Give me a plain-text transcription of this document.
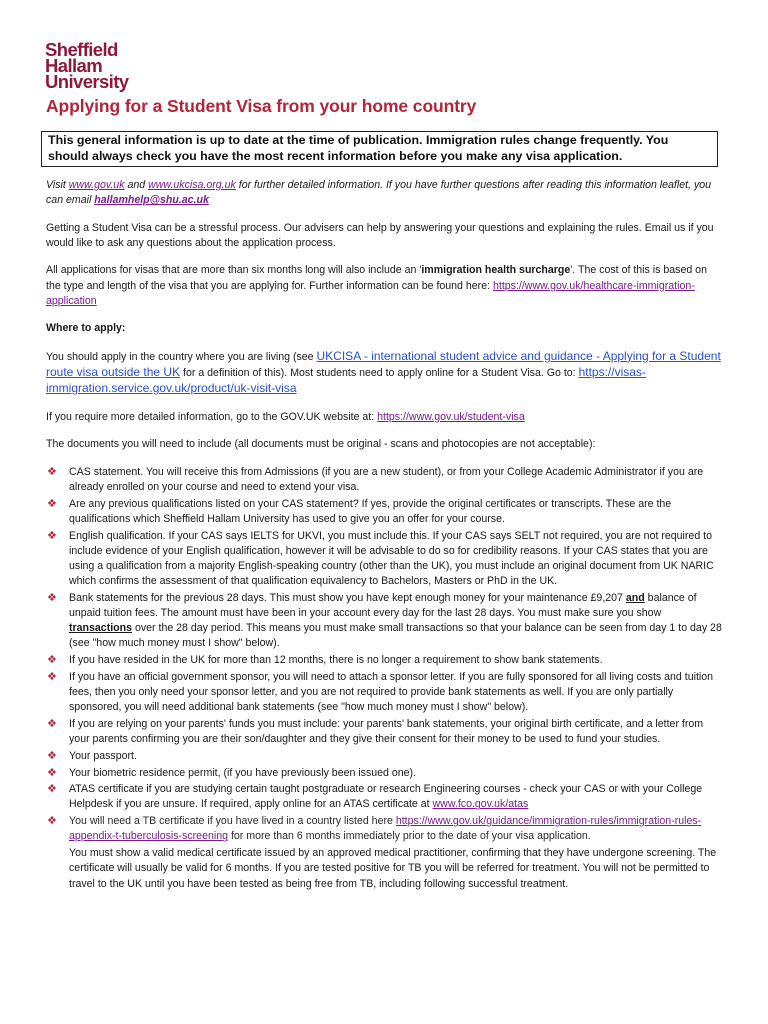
Sheffield
Hallam
University
Applying for a Student Visa from your home country
This general information is up to date at the time of publication. Immigration rules change frequently. You should always check you have the most recent information before you make any visa application.

Visit www.gov.uk and www.ukcisa.org.uk for further detailed information. If you have further questions after reading this information leaflet, you can email hallamhelp@shu.ac.uk

Getting a Student Visa can be a stressful process. Our advisers can help by answering your questions and explaining the rules. Email us if you would like to ask any questions about the application process.

All applications for visas that are more than six months long will also include an 'immigration health surcharge'. The cost of this is based on the type and length of the visa that you are applying for. Further information can be found here: https://www.gov.uk/healthcare-immigration-application

Where to apply:

You should apply in the country where you are living (see UKCISA - international student advice and guidance - Applying for a Student route visa outside the UK for a definition of this). Most students need to apply online for a Student Visa. Go to: https://visas-immigration.service.gov.uk/product/uk-visit-visa

If you require more detailed information, go to the GOV.UK website at: https://www.gov.uk/student-visa

The documents you will need to include (all documents must be original - scans and photocopies are not acceptable):

❖ CAS statement. You will receive this from Admissions (if you are a new student), or from your College Academic Administrator if you are already enrolled on your course and need to extend your visa.
❖ Are any previous qualifications listed on your CAS statement? If yes, provide the original certificates or transcripts. These are the qualifications which Sheffield Hallam University has used to give you an offer for your course.
❖ English qualification. If your CAS says IELTS for UKVI, you must include this. If your CAS says SELT not required, you are not required to include evidence of your English qualification, however it will be advisable to do so for credibility reasons. If your CAS states that you are using a qualification from a majority English-speaking country (other than the UK), you must include an original document from UK NARIC which confirms the assessment of that qualification equivalency to Bachelors, Masters or PhD in the UK.
❖ Bank statements for the previous 28 days. This must show you have kept enough money for your maintenance £9,207 and balance of unpaid tuition fees. The amount must have been in your account every day for the last 28 days. You must make sure you show transactions over the 28 day period. This means you must make small transactions so that your balance can be seen from day 1 to day 28 (see "how much money must I show" below).
❖ If you have resided in the UK for more than 12 months, there is no longer a requirement to show bank statements.
❖ If you have an official government sponsor, you will need to attach a sponsor letter. If you are fully sponsored for all living costs and tuition fees, then you only need your sponsor letter, and you are not required to provide bank statements as well. If you are only partially sponsored, you will need additional bank statements (see "how much money must I show" below).
❖ If you are relying on your parents' funds you must include: your parents' bank statements, your original birth certificate, and a letter from your parents confirming you are their son/daughter and they give their consent for their money to be used to fund your studies.
❖ Your passport.
❖ Your biometric residence permit, (if you have previously been issued one).
❖ ATAS certificate if you are studying certain taught postgraduate or research Engineering courses - check your CAS or with your College Helpdesk if you are unsure. If required, apply online for an ATAS certificate at www.fco.gov.uk/atas
❖ You will need a TB certificate if you have lived in a country listed here https://www.gov.uk/guidance/immigration-rules/immigration-rules-appendix-t-tuberculosis-screening for more than 6 months immediately prior to the date of your visa application.
You must show a valid medical certificate issued by an approved medical practitioner, confirming that they have undergone screening. The certificate will usually be valid for 6 months. If you are tested positive for TB you will be referred for treatment. You will not be permitted to travel to the UK until you have been tested as being free from TB, including following successful treatment.
